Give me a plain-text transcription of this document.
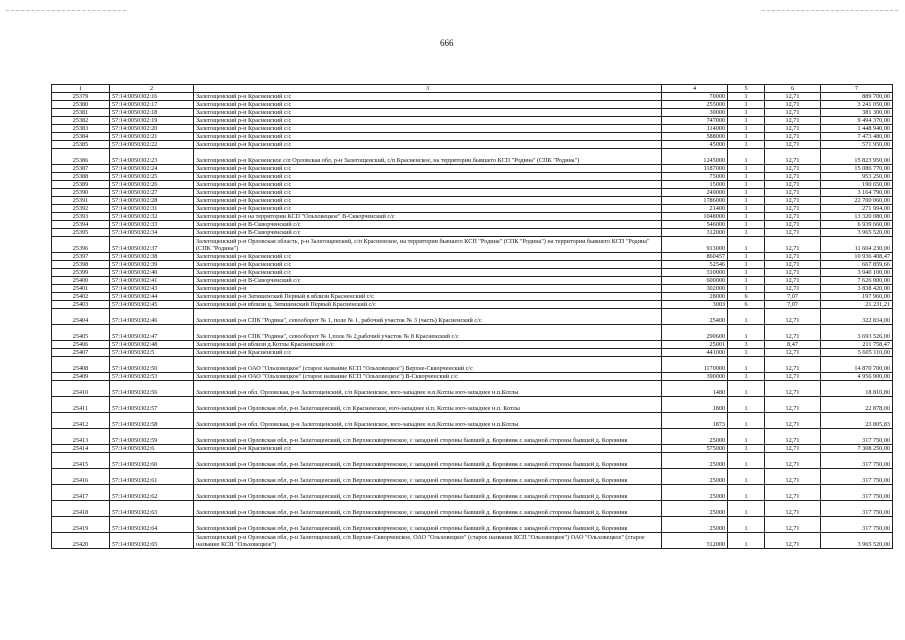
666
1	2	3	4	5	6	7
25379	57:14:0050302:16	Залегощенский р-н Красненский с/с	70000	1	12,71	889 700,00
25380	57:14:0050302:17	Залегощенский р-н Красненский с/с	255000	1	12,71	3 241 050,00
25381	57:14:0050302:18	Залегощенский р-н Красненский с/с	30000	1	12,71	381 300,00
25382	57:14:0050302:19	Залегощенский р-н Красненский с/с	747000	1	12,71	9 494 370,00
25383	57:14:0050302:20	Залегощенский р-н Красненский с/с	114000	1	12,71	1 448 940,00
25384	57:14:0050302:21	Залегощенский р-н Красненский с/с	588000	1	12,71	7 473 480,00
25385	57:14:0050302:22	Залегощенский р-н Красненский с/с	45000	1	12,71	571 950,00
25386	57:14:0050302:23	Залегощенский р-н Красненское с/п Орловская обл, р-н Залегощенский, с/п Красненское, на территории бывшего КСП "Родина" (СПК "Родина")	1245000	1	12,71	15 823 950,00
25387	57:14:0050302:24	Залегощенский р-н Красненский с/с	1187000	1	12,71	15 086 770,00
25388	57:14:0050302:25	Залегощенский р-н Красненский с/с	75000	1	12,71	953 250,00
25389	57:14:0050302:26	Залегощенский р-н Красненский с/с	15000	1	12,71	190 650,00
25390	57:14:0050302:27	Залегощенский р-н Красненский с/с	249000	1	12,71	3 164 790,00
25391	57:14:0050302:28	Залегощенский р-н Красненский с/с	1786000	1	12,71	22 700 060,00
25392	57:14:0050302:31	Залегощенский р-н Красненский с/с	21400	1	12,71	271 994,00
25393	57:14:0050302:32	Залегощенский р-н на территории КСП "Ольховецкое" В-Скворченский с/с	1048000	1	12,71	13 320 080,00
25394	57:14:0050302:33	Залегощенский р-н В-Скворченский с/с	546000	1	12,71	6 939 660,00
25395	57:14:0050302:34	Залегощенский р-н В-Скворченский с/с	312000	1	12,71	3 965 520,00
25396	57:14:0050302:37	Залегощенский р-н Орловская область, р-н Залегощенский, с/п Красненское, на территории бывшего КСП "Родина" (СПК "Родина") на территории бывшего КСП "Родина" (СПК "Родина")	913000	1	12,71	11 604 230,00
25397	57:14:0050302:38	Залегощенский р-н Красненский с/с	860457	1	12,71	10 936 408,47
25398	57:14:0050302:39	Залегощенский р-н Красненский с/с	52546	1	12,71	667 859,66
25399	57:14:0050302:40	Залегощенский р-н Красненский с/с	310000	1	12,71	3 940 100,00
25400	57:14:0050302:41	Залегощенский р-н В-Скворченский с/с	600000	1	12,71	7 626 000,00
25401	57:14:0050302:43	Залегощенский р-н	302000	1	12,71	3 838 420,00
25402	57:14:0050302:44	Залегощенский р-н Затишенский Первый в вблизи Красненский с/с	28000	6	7,07	197 960,00
25403	57:14:0050302:45	Залегощенский р-н вблизи ц. Затишенский Первый Красненский с/с	3003	6	7,07	21 231,21
25404	57:14:0050302:46	Залегощенский р-н СПК "Родина", севооборот № 1, поле № 1, рабочий участок № 3 (часть) Красненский с/с	25400	1	12,71	322 834,00
25405	57:14:0050302:47	Залегощенский р-н СПК "Родина", севооборот № 1,поле № 2,рабочий участок № 8 Красненский с/с	290600	1	12,71	3 693 526,00
25406	57:14:0050302:48	Залегощенский р-н вблизи д.Котлы Красненский с/с	25001	3	8,47	211 758,47
25407	57:14:0050302:5	Залегощенский р-н Красненский с/с	441000	1	12,71	5 605 110,00
25408	57:14:0050302:50	Залегощенский р-н ОАО "Ольховецкое" (старое название КСП "Ольховецкое") Верхне-Скворченский с/с	1170000	1	12,71	14 870 700,00
25409	57:14:0050302:53	Залегощенский р-н ОАО "Ольховецкое" (старое название КСП "Ольховецкое") В-Скворченский с/с	390000	1	12,71	4 956 900,00
25410	57:14:0050302:56	Залегощенский р-н обл. Орловская, р-н Залегощенский, с/п Красненское, юго-западнее н.п.Котлы юго-западнее н.п.Котлы	1480	1	12,71	18 810,80
25411	57:14:0050302:57	Залегощенский р-н Орловская обл, р-н Залегощенский, с/п Красненское, юго-западнее н.п. Котлы юго-западнее н.п. Котлы	1800	1	12,71	22 878,00
25412	57:14:0050302:58	Залегощенский р-н обл. Орловская, р-н Залегощенский, с/п Красненское, юго-западнее н.п.Котлы юго-западнее н.п.Котлы	1873	1	12,71	23 805,83
25413	57:14:0050302:59	Залегощенский р-н Орловская обл, р-н Залегощенский, с/п Верхнескворченское, с западной стороны бывшей д. Коровник с западной стороны бывшей д. Коровник	25000	1	12,71	317 750,00
25414	57:14:0050302:6	Залегощенский р-н Красненский с/с	575000	1	12,71	7 308 250,00
25415	57:14:0050302:60	Залегощенский р-н Орловская обл, р-н Залегощенский, с/п Верхнескворченское, с западной стороны бывшей д. Коровник с западной стороны бывшей д. Коровник	25000	1	12,71	317 750,00
25416	57:14:0050302:61	Залегощенский р-н Орловская обл, р-н Залегощенский, с/п Верхнескворченское, с западной стороны бывшей д. Коровник с западной стороны бывшей д. Коровник	25000	1	12,71	317 750,00
25417	57:14:0050302:62	Залегощенский р-н Орловская обл, р-н Залегощенский, с/п Верхнескворченское, с западной стороны бывшей д. Коровник с западной стороны бывшей д. Коровник	25000	1	12,71	317 750,00
25418	57:14:0050302:63	Залегощенский р-н Орловская обл, р-н Залегощенский, с/п Верхнескворченское, с западной стороны бывшей д. Коровник с западной стороны бывшей д. Коровник	25000	1	12,71	317 750,00
25419	57:14:0050302:64	Залегощенский р-н Орловская обл, р-н Залегощенский, с/п Верхнескворченское, с западной стороны бывшей д. Коровник с западной стороны бывшей д. Коровник	25000	1	12,71	317 750,00
25420	57:14:0050302:65	Залегощенский р-н Орловская обл, р-н Залегощенский, с/п Верхне-Скворченское, ОАО "Ольховецкое" (старое название КСП "Ольховецкое") ОАО "Ольховецкое" (старое название КСП "Ольховецкое")	312000	1	12,71	3 965 520,00
